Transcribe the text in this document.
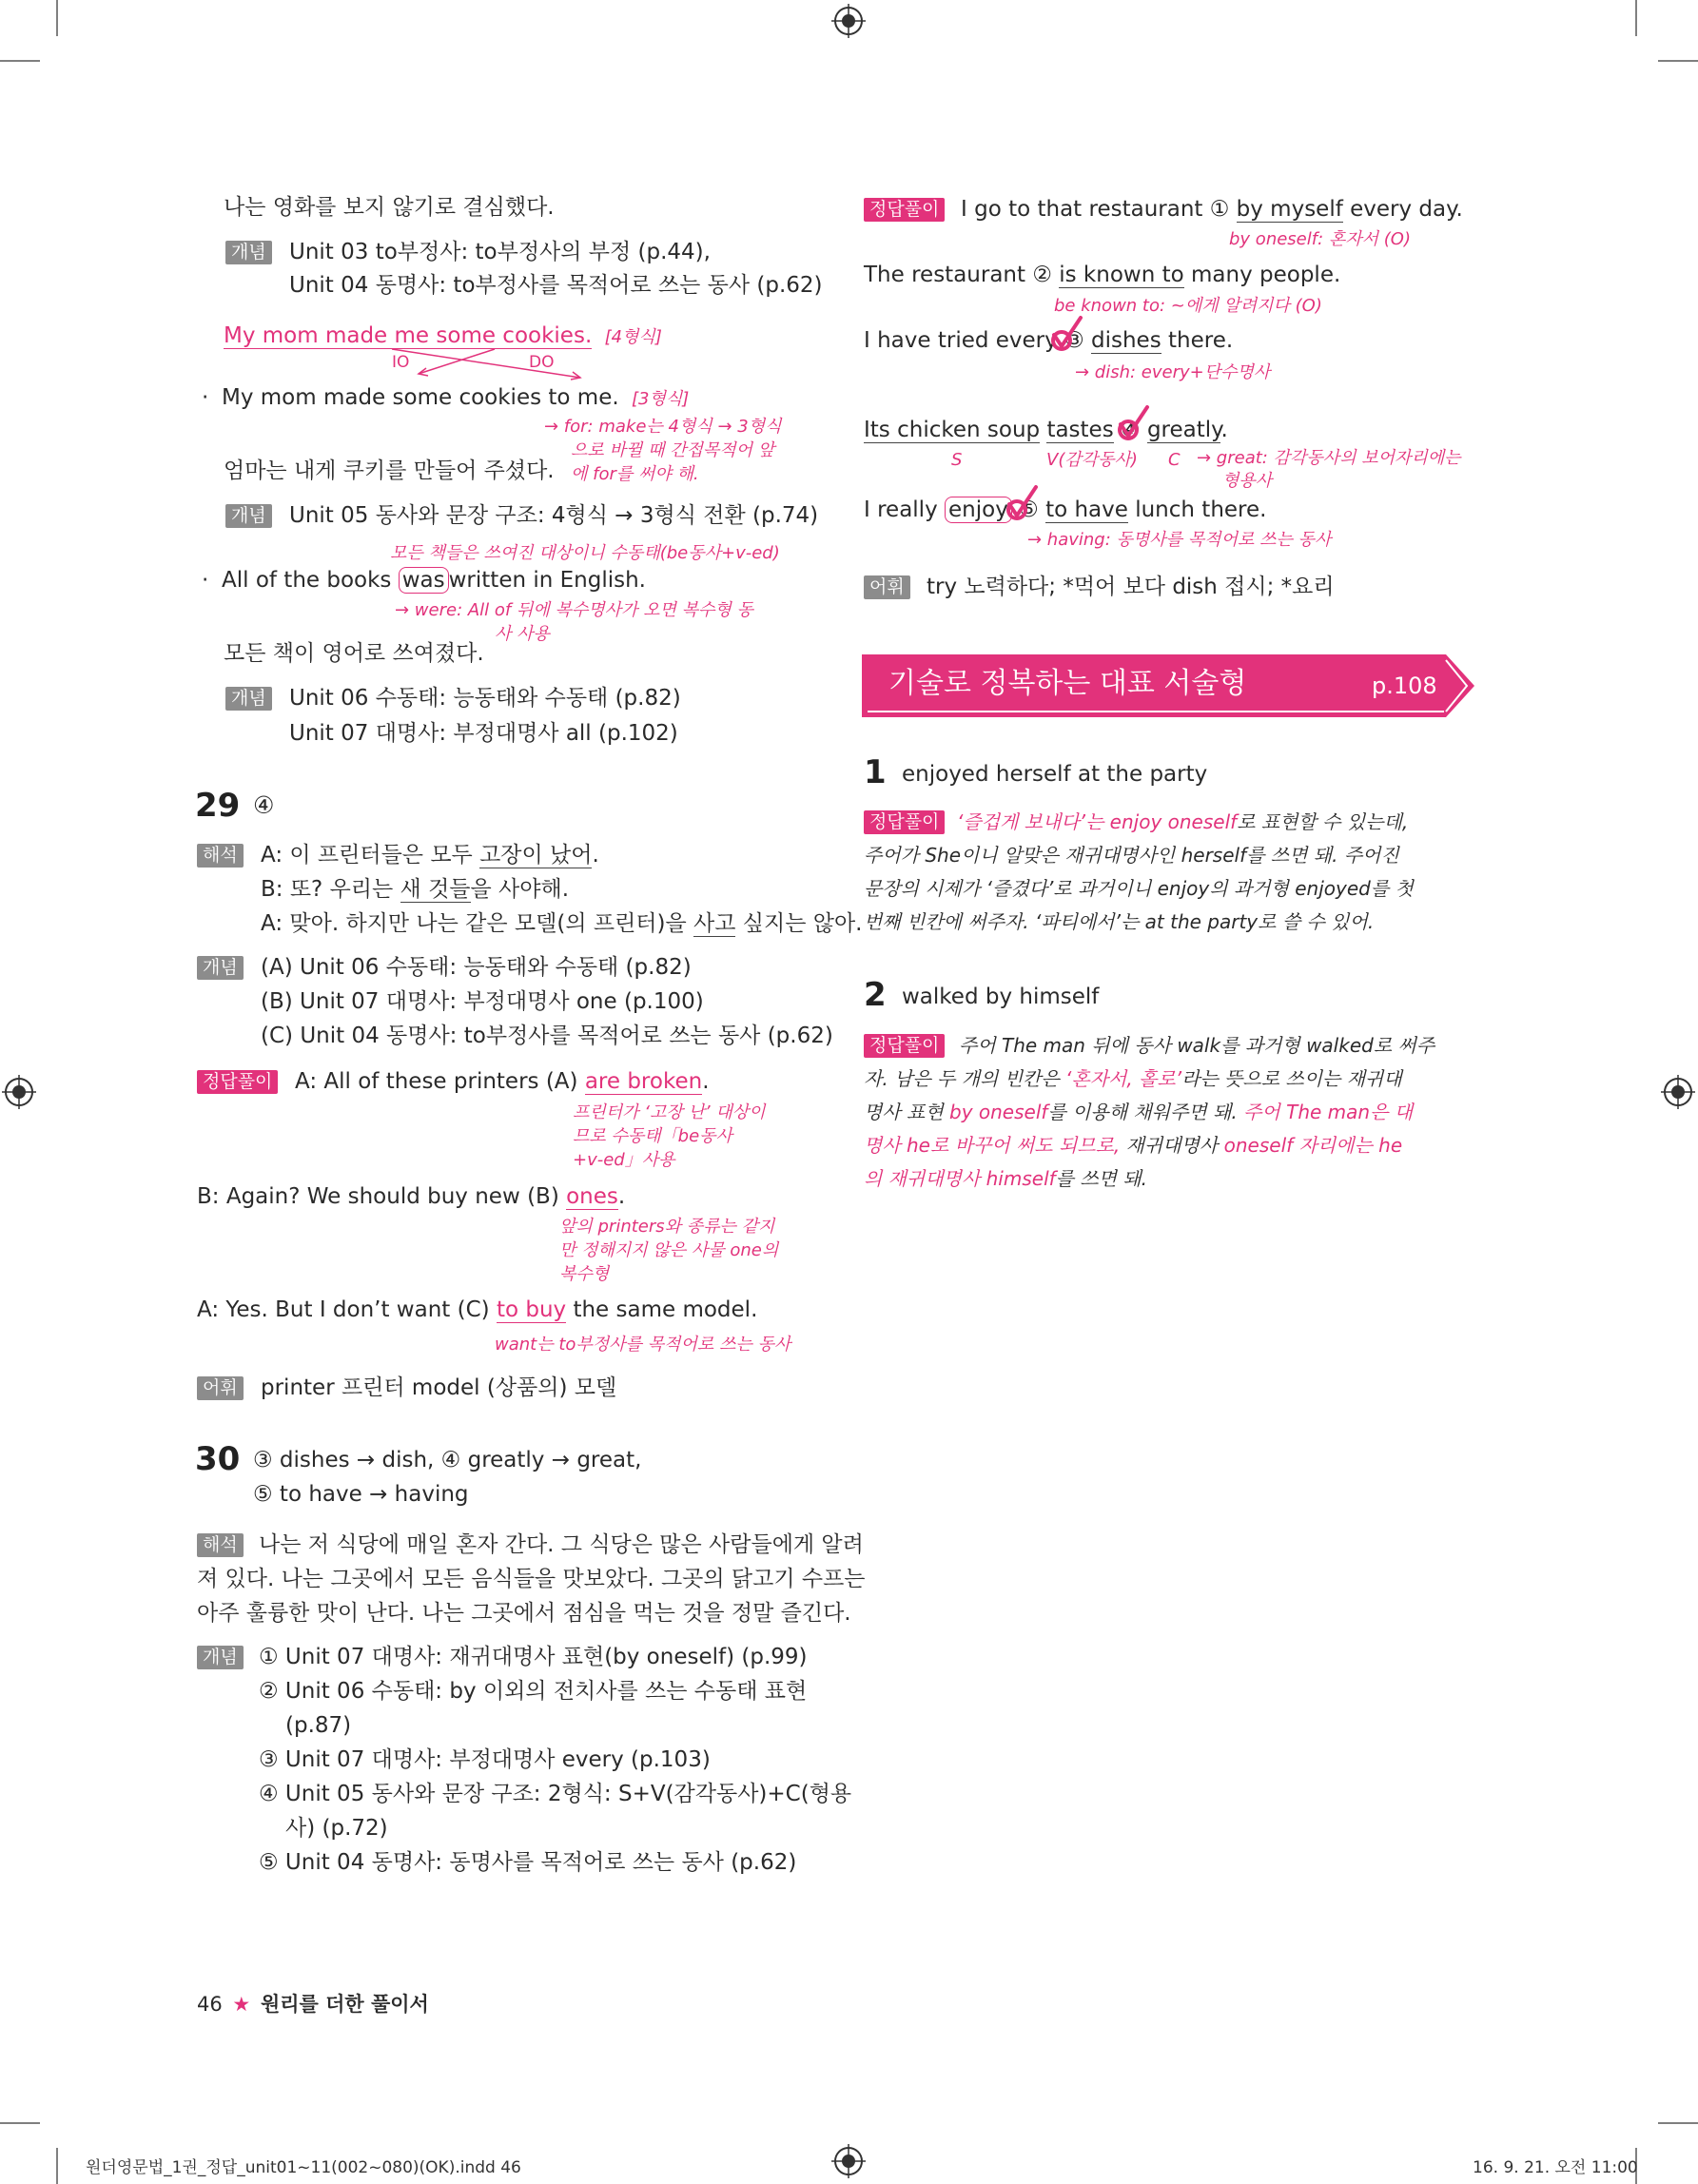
나는 영화를 보지 않기로 결심했다.
개념 Unit 03 to부정사: to부정사의 부정 (p.44),
Unit 04 동명사: to부정사를 목적어로 쓰는 동사 (p.62)
My mom made me some cookies. [4형식]
IO	DO
· My mom made some cookies to me. [3형식]
→ for: make는 4형식 → 3형식
으로 바뀔 때 간접목적어 앞
에 for를 써야 해.
엄마는 내게 쿠키를 만들어 주셨다.
개념 Unit 05 동사와 문장 구조: 4형식 → 3형식 전환 (p.74)
모든 책들은 쓰여진 대상이니 수동태(be동사+v-ed)
· All of the books was written in English.
→ were: All of 뒤에 복수명사가 오면 복수형 동
사 사용
모든 책이 영어로 쓰여졌다.
개념 Unit 06 수동태: 능동태와 수동태 (p.82)
Unit 07 대명사: 부정대명사 all (p.102)
29 ④
해석 A: 이 프린터들은 모두 고장이 났어.
B: 또? 우리는 새 것들을 사야해.
A: 맞아. 하지만 나는 같은 모델(의 프린터)을 사고 싶지는 않아.
개념 (A) Unit 06 수동태: 능동태와 수동태 (p.82)
(B) Unit 07 대명사: 부정대명사 one (p.100)
(C) Unit 04 동명사: to부정사를 목적어로 쓰는 동사 (p.62)
정답풀이 A: All of these printers (A) are broken.
프린터가 ‘고장 난’ 대상이
므로 수동태「be동사
+v-ed」사용
B: Again? We should buy new (B) ones.
앞의 printers와 종류는 같지
만 정해지지 않은 사물 one의
복수형
A: Yes. But I don’t want (C) to buy the same model.
want는 to부정사를 목적어로 쓰는 동사
어휘 printer 프린터 model (상품의) 모델
30 ③ dishes → dish, ④ greatly → great,
⑤ to have → having
해석 나는 저 식당에 매일 혼자 간다. 그 식당은 많은 사람들에게 알려
져 있다. 나는 그곳에서 모든 음식들을 맛보았다. 그곳의 닭고기 수프는
아주 훌륭한 맛이 난다. 나는 그곳에서 점심을 먹는 것을 정말 즐긴다.
개념 ① Unit 07 대명사: 재귀대명사 표현(by oneself) (p.99)
② Unit 06 수동태: by 이외의 전치사를 쓰는 수동태 표현
(p.87)
③ Unit 07 대명사: 부정대명사 every (p.103)
④ Unit 05 동사와 문장 구조: 2형식: S+V(감각동사)+C(형용
사) (p.72)
⑤ Unit 04 동명사: 동명사를 목적어로 쓰는 동사 (p.62)
정답풀이 I go to that restaurant ① by myself every day.
by oneself: 혼자서 (O)
The restaurant ② is known to many people.
be known to: ~에게 알려지다 (O)
I have tried every ③ dishes there.
→ dish: every+단수명사
Its chicken soup tastes ④ greatly.
S	V(감각동사) C → great: 감각동사의 보어자리에는
형용사
I really enjoy ⑤ to have lunch there.
→ having: 동명사를 목적어로 쓰는 동사
어휘 try 노력하다; *먹어 보다 dish 접시; *요리
기술로 정복하는 대표 서술형	p.108
1 enjoyed herself at the party
정답풀이 ‘즐겁게 보내다’는 enjoy oneself로 표현할 수 있는데,
주어가 She이니 알맞은 재귀대명사인 herself를 쓰면 돼. 주어진
문장의 시제가 ‘즐겼다’로 과거이니 enjoy의 과거형 enjoyed를 첫
번째 빈칸에 써주자. ‘파티에서’는 at the party로 쓸 수 있어.
2 walked by himself
정답풀이	주어 The man 뒤에 동사 walk를 과거형 walked로 써주
자. 남은 두 개의 빈칸은 ‘혼자서, 홀로’라는 뜻으로 쓰이는 재귀대
명사 표현 by oneself를 이용해 채워주면 돼. 주어 The man은 대
명사 he로 바꾸어 써도 되므로, 재귀대명사 oneself 자리에는 he
의 재귀대명사 himself를 쓰면 돼.
46 ★ 원리를 더한 풀이서
원더영문법_1권_정답_unit01~11(002~080)(OK).indd 46	16. 9. 21. 오전 11:00
